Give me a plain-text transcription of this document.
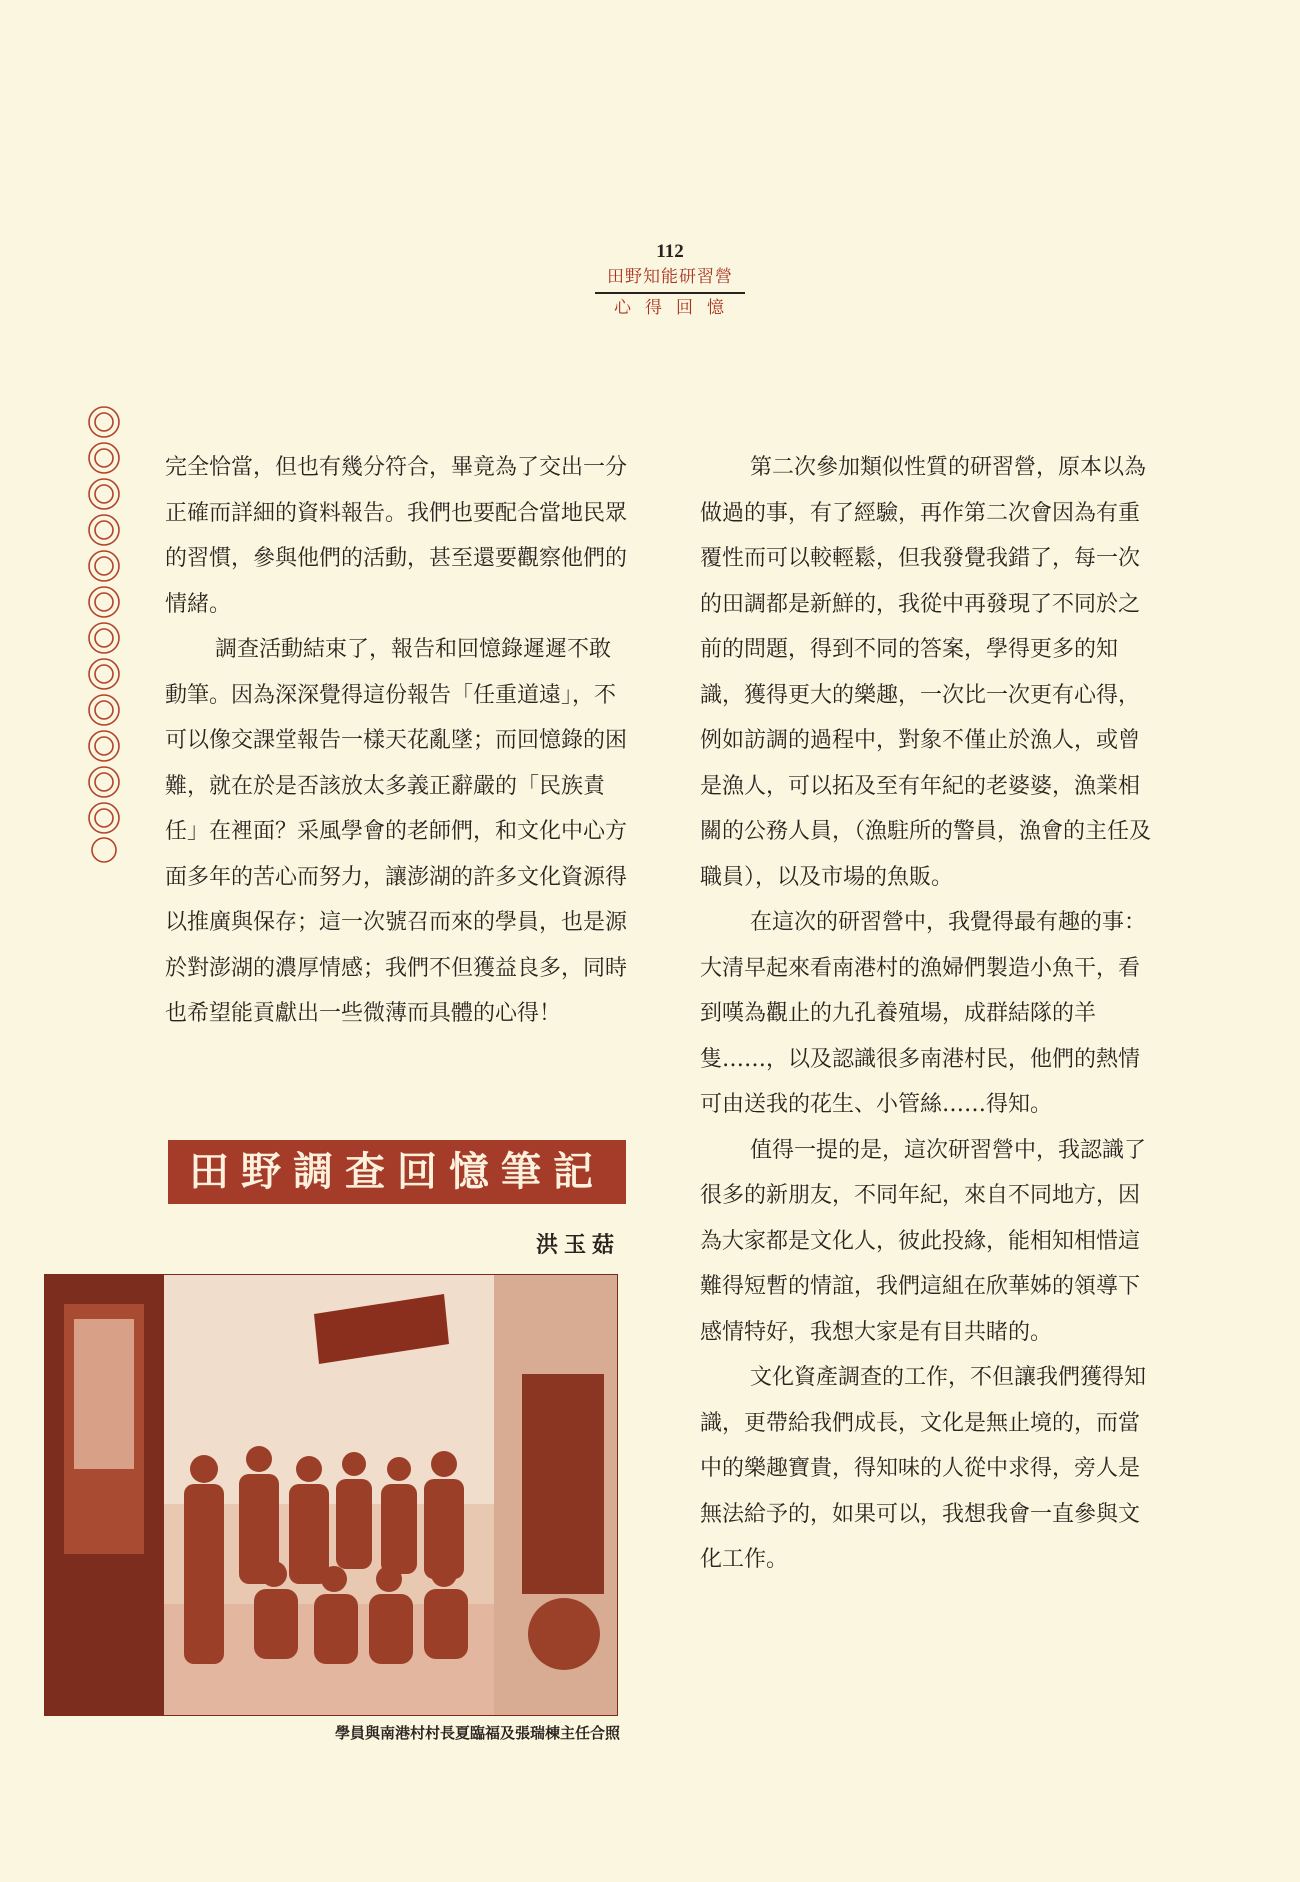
112
田野知能研習營
心得回憶

完全恰當，但也有幾分符合，畢竟為了交出一分正確而詳細的資料報告。我們也要配合當地民眾的習慣，參與他們的活動，甚至還要觀察他們的情緒。

調查活動結束了，報告和回憶錄遲遲不敢動筆。因為深深覺得這份報告「任重道遠」，不可以像交課堂報告一樣天花亂墜；而回憶錄的困難，就在於是否該放太多義正辭嚴的「民族責任」在裡面？采風學會的老師們，和文化中心方面多年的苦心而努力，讓澎湖的許多文化資源得以推廣與保存；這一次號召而來的學員，也是源於對澎湖的濃厚情感；我們不但獲益良多，同時也希望能貢獻出一些微薄而具體的心得！

田野調查回憶筆記
洪玉菇
學員與南港村村長夏臨福及張瑞棟主任合照

第二次參加類似性質的研習營，原本以為做過的事，有了經驗，再作第二次會因為有重覆性而可以較輕鬆，但我發覺我錯了，每一次的田調都是新鮮的，我從中再發現了不同於之前的問題，得到不同的答案，學得更多的知識，獲得更大的樂趣，一次比一次更有心得，例如訪調的過程中，對象不僅止於漁人，或曾是漁人，可以拓及至有年紀的老婆婆，漁業相關的公務人員，（漁駐所的警員，漁會的主任及職員），以及市場的魚販。

在這次的研習營中，我覺得最有趣的事：大清早起來看南港村的漁婦們製造小魚干，看到嘆為觀止的九孔養殖場，成群結隊的羊隻……，以及認識很多南港村民，他們的熱情可由送我的花生、小管絲……得知。

值得一提的是，這次研習營中，我認識了很多的新朋友，不同年紀，來自不同地方，因為大家都是文化人，彼此投緣，能相知相惜這難得短暫的情誼，我們這組在欣華姊的領導下感情特好，我想大家是有目共睹的。

文化資產調查的工作，不但讓我們獲得知識，更帶給我們成長，文化是無止境的，而當中的樂趣寶貴，得知味的人從中求得，旁人是無法給予的，如果可以，我想我會一直參與文化工作。
